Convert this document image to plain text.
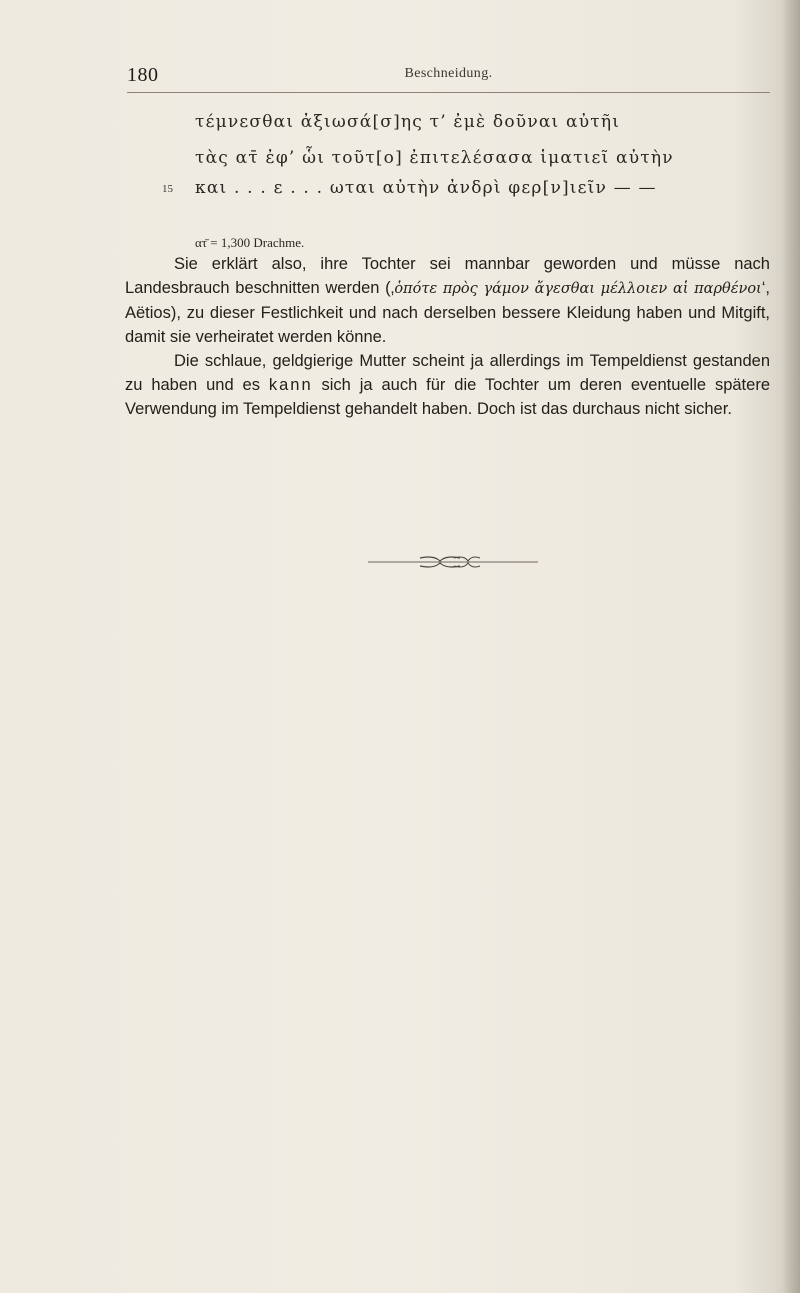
180	Beschneidung.
τέμνεσθαι ἀξιωσά[σ]ης τ’ ἐμὲ δοῦναι αὐτῆι
τὰς ατ̄ ἐφ’ ὧι τοῦτ[ο] ἐπιτελέσασα ἱματιεῖ αὐτὴν
15 και . . . ε . . . ωται αὐτὴν ἀνδρὶ φερ[ν]ιεῖν — —
ατ̄ = 1,300 Drachme.

Sie erklärt also, ihre Tochter sei mannbar geworden und müsse nach Landesbrauch beschnitten werden (‚ὁπότε πρὸς γάμον ἄγεσθαι μέλλοιεν αἱ παρθένοι‘, Aëtios), zu dieser Festlichkeit und nach derselben bessere Kleidung haben und Mitgift, damit sie verheiratet werden könne.

Die schlaue, geldgierige Mutter scheint ja allerdings im Tempeldienst gestanden zu haben und es kann sich ja auch für die Tochter um deren eventuelle spätere Verwendung im Tempeldienst gehandelt haben. Doch ist das durchaus nicht sicher.
